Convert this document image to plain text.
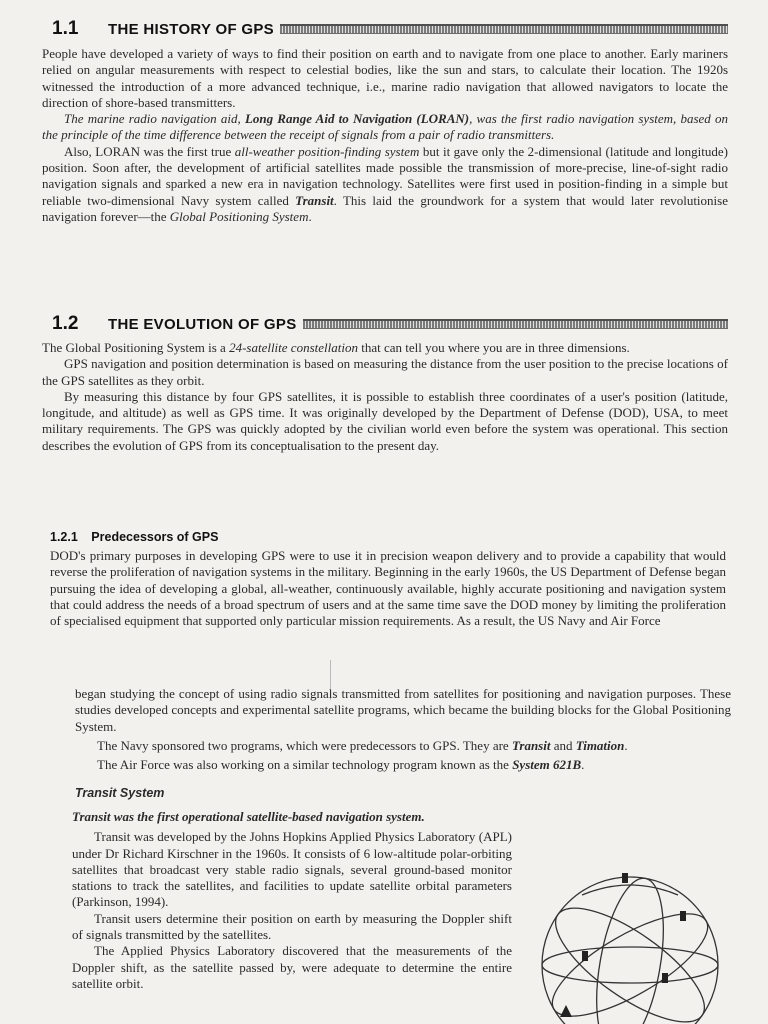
1.1	THE HISTORY OF GPS

People have developed a variety of ways to find their position on earth and to navigate from one place to another. Early mariners relied on angular measurements with respect to celestial bodies, like the sun and stars, to calculate their location. The 1920s witnessed the introduction of a more advanced technique, i.e., marine radio navigation that allowed navigators to locate the direction of shore-based transmitters.

The marine radio navigation aid, Long Range Aid to Navigation (LORAN), was the first radio navigation system, based on the principle of the time difference between the receipt of signals from a pair of radio transmitters.

Also, LORAN was the first true all-weather position-finding system but it gave only the 2-dimensional (latitude and longitude) position. Soon after, the development of artificial satellites made possible the transmission of more-precise, line-of-sight radio navigation signals and sparked a new era in navigation technology. Satellites were first used in position-finding in a simple but reliable two-dimensional Navy system called Transit. This laid the groundwork for a system that would later revolutionise navigation forever—the Global Positioning System.

1.2	THE EVOLUTION OF GPS

The Global Positioning System is a 24-satellite constellation that can tell you where you are in three dimensions.

GPS navigation and position determination is based on measuring the distance from the user position to the precise locations of the GPS satellites as they orbit.

By measuring this distance by four GPS satellites, it is possible to establish three coordinates of a user's position (latitude, longitude, and altitude) as well as GPS time. It was originally developed by the Department of Defense (DOD), USA, to meet military requirements. The GPS was quickly adopted by the civilian world even before the system was operational. This section describes the evolution of GPS from its conceptualisation to the present day.

1.2.1 Predecessors of GPS

DOD's primary purposes in developing GPS were to use it in precision weapon delivery and to provide a capability that would reverse the proliferation of navigation systems in the military. Beginning in the early 1960s, the US Department of Defense began pursuing the idea of developing a global, all-weather, continuously available, highly accurate positioning and navigation system that could address the needs of a broad spectrum of users and at the same time save the DOD money by limiting the proliferation of specialised equipment that supported only particular mission requirements. As a result, the US Navy and Air Force

began studying the concept of using radio signals transmitted from satellites for positioning and navigation purposes. These studies developed concepts and experimental satellite programs, which became the building blocks for the Global Positioning System.

The Navy sponsored two programs, which were predecessors to GPS. They are Transit and Timation.

The Air Force was also working on a similar technology program known as the System 621B.

Transit System

Transit was the first operational satellite-based navigation system.

Transit was developed by the Johns Hopkins Applied Physics Laboratory (APL) under Dr Richard Kirschner in the 1960s. It consists of 6 low-altitude polar-orbiting satellites that broadcast very stable radio signals, several ground-based monitor stations to track the satellites, and facilities to update satellite orbital parameters (Parkinson, 1994).

Transit users determine their position on earth by measuring the Doppler shift of signals transmitted by the satellites.

The Applied Physics Laboratory discovered that the measurements of the Doppler shift, as the satellite passed by, were adequate to determine the entire satellite orbit.
